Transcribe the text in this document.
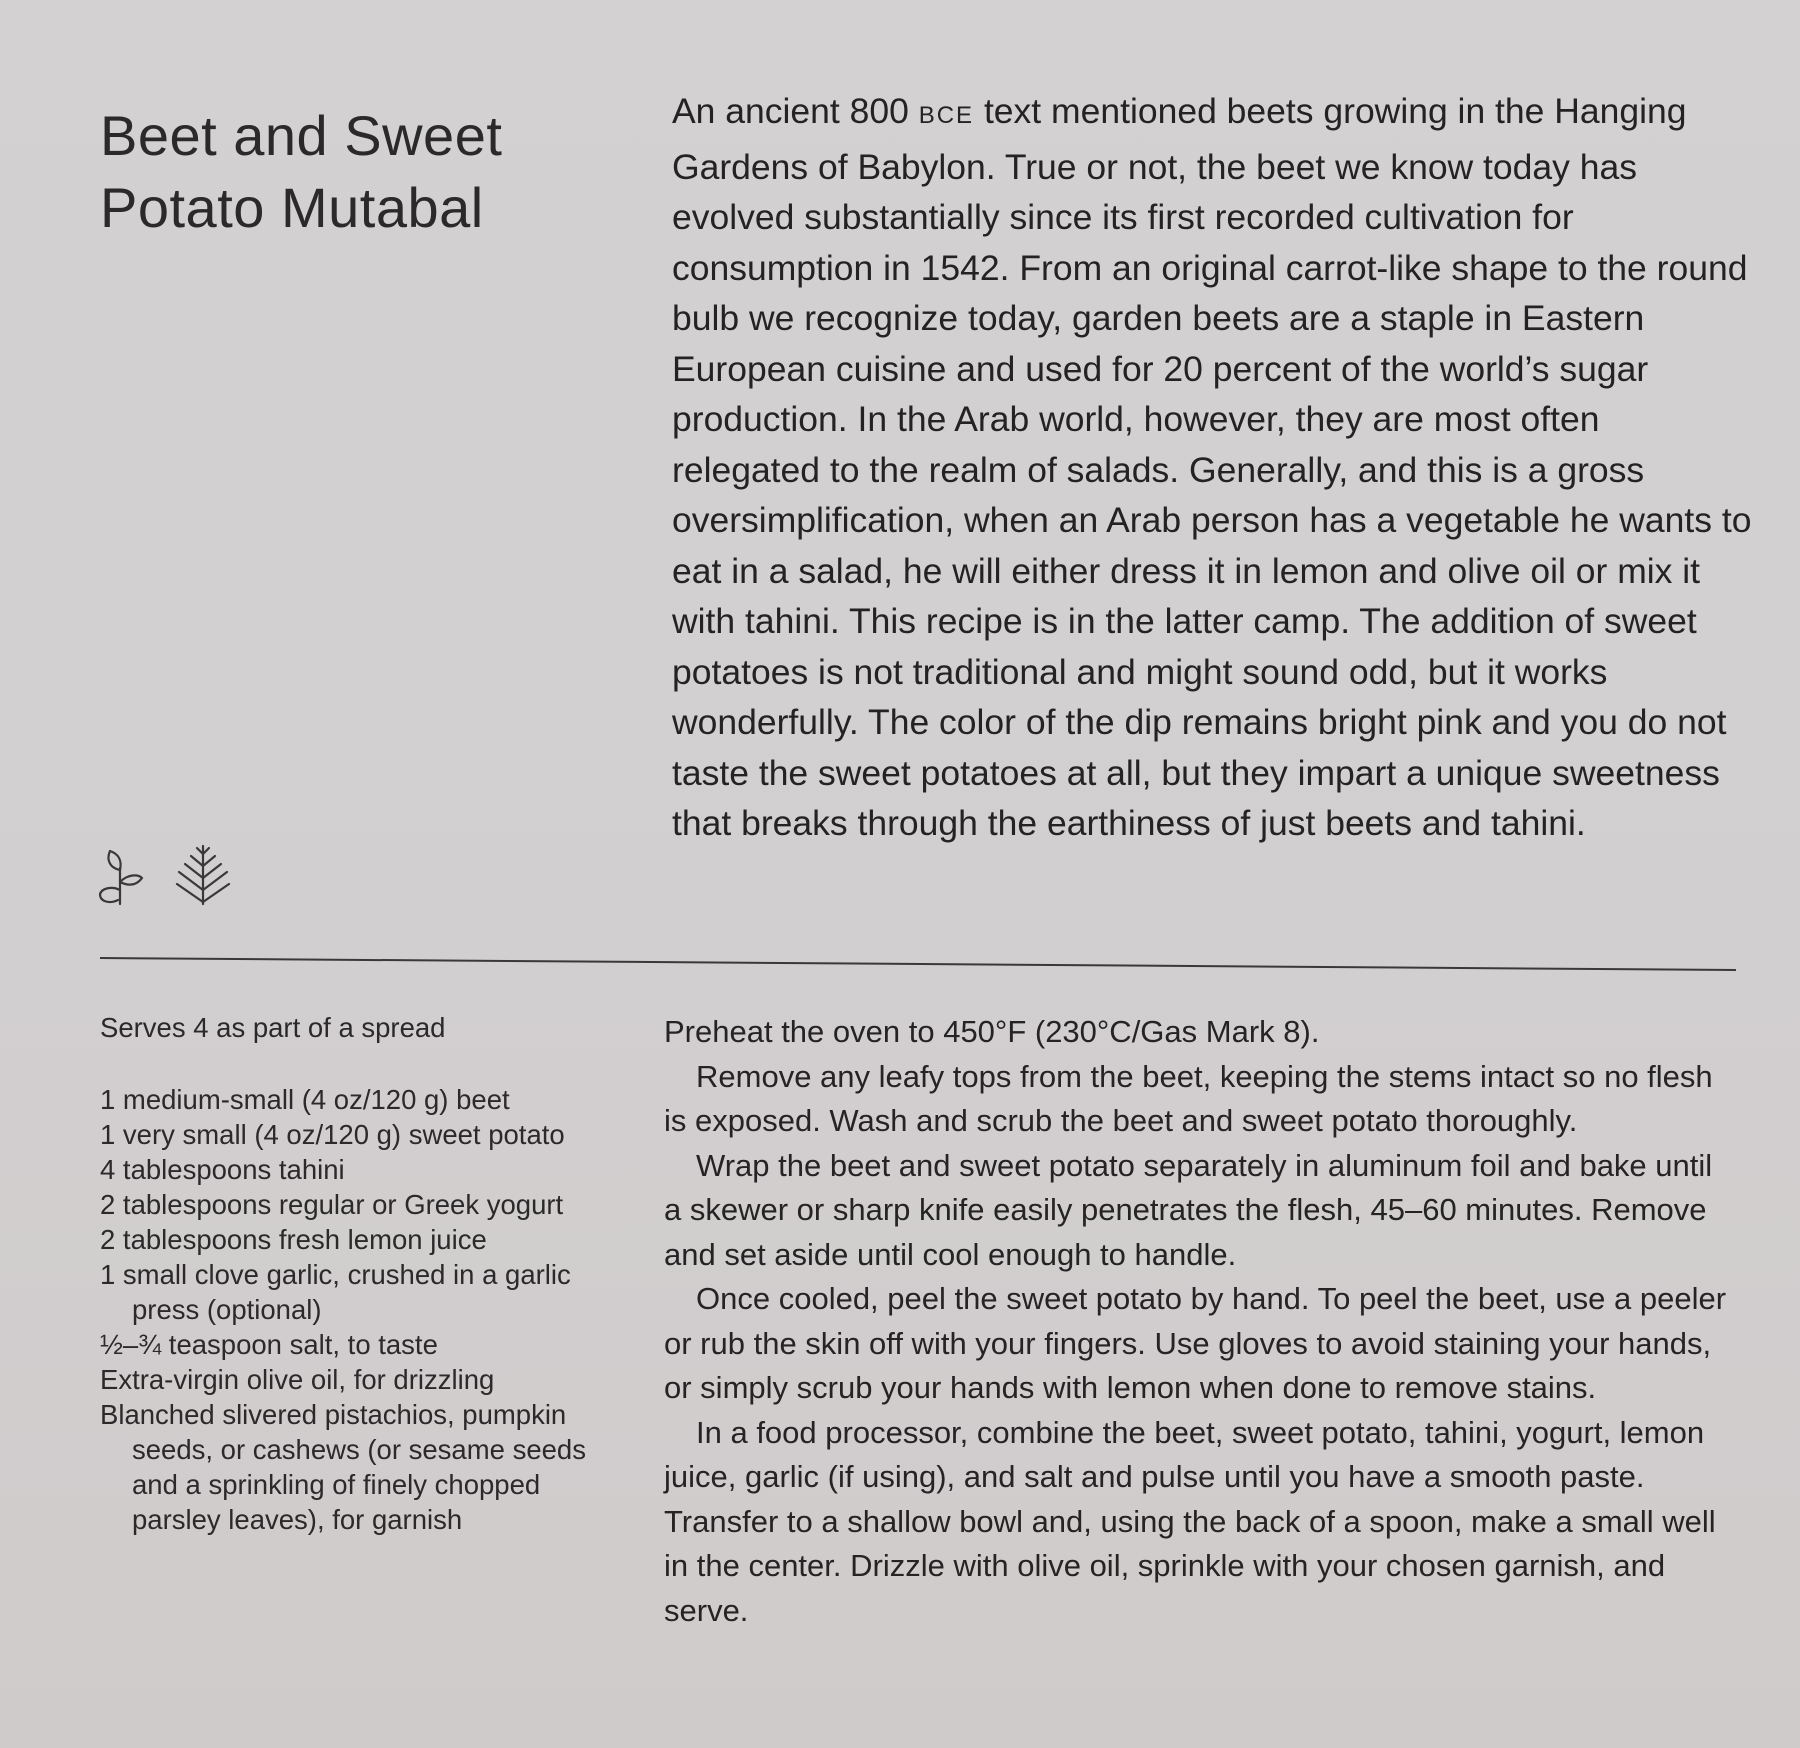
Beet and Sweet
Potato Mutabal

An ancient 800 BCE text mentioned beets growing in the Hanging Gardens of Babylon. True or not, the beet we know today has evolved substantially since its first recorded cultivation for consumption in 1542. From an original carrot-like shape to the round bulb we recognize today, garden beets are a staple in Eastern European cuisine and used for 20 percent of the world’s sugar production. In the Arab world, however, they are most often relegated to the realm of salads. Generally, and this is a gross oversimplification, when an Arab person has a vegetable he wants to eat in a salad, he will either dress it in lemon and olive oil or mix it with tahini. This recipe is in the latter camp. The addition of sweet potatoes is not traditional and might sound odd, but it works wonderfully. The color of the dip remains bright pink and you do not taste the sweet potatoes at all, but they impart a unique sweetness that breaks through the earthiness of just beets and tahini.

Serves 4 as part of a spread

1 medium-small (4 oz/120 g) beet
1 very small (4 oz/120 g) sweet potato
4 tablespoons tahini
2 tablespoons regular or Greek yogurt
2 tablespoons fresh lemon juice
1 small clove garlic, crushed in a garlic press (optional)
½–¾ teaspoon salt, to taste
Extra-virgin olive oil, for drizzling
Blanched slivered pistachios, pumpkin seeds, or cashews (or sesame seeds and a sprinkling of finely chopped parsley leaves), for garnish

Preheat the oven to 450°F (230°C/Gas Mark 8).

Remove any leafy tops from the beet, keeping the stems intact so no flesh is exposed. Wash and scrub the beet and sweet potato thoroughly.

Wrap the beet and sweet potato separately in aluminum foil and bake until a skewer or sharp knife easily penetrates the flesh, 45–60 minutes. Remove and set aside until cool enough to handle.

Once cooled, peel the sweet potato by hand. To peel the beet, use a peeler or rub the skin off with your fingers. Use gloves to avoid staining your hands, or simply scrub your hands with lemon when done to remove stains.

In a food processor, combine the beet, sweet potato, tahini, yogurt, lemon juice, garlic (if using), and salt and pulse until you have a smooth paste. Transfer to a shallow bowl and, using the back of a spoon, make a small well in the center. Drizzle with olive oil, sprinkle with your chosen garnish, and serve.
